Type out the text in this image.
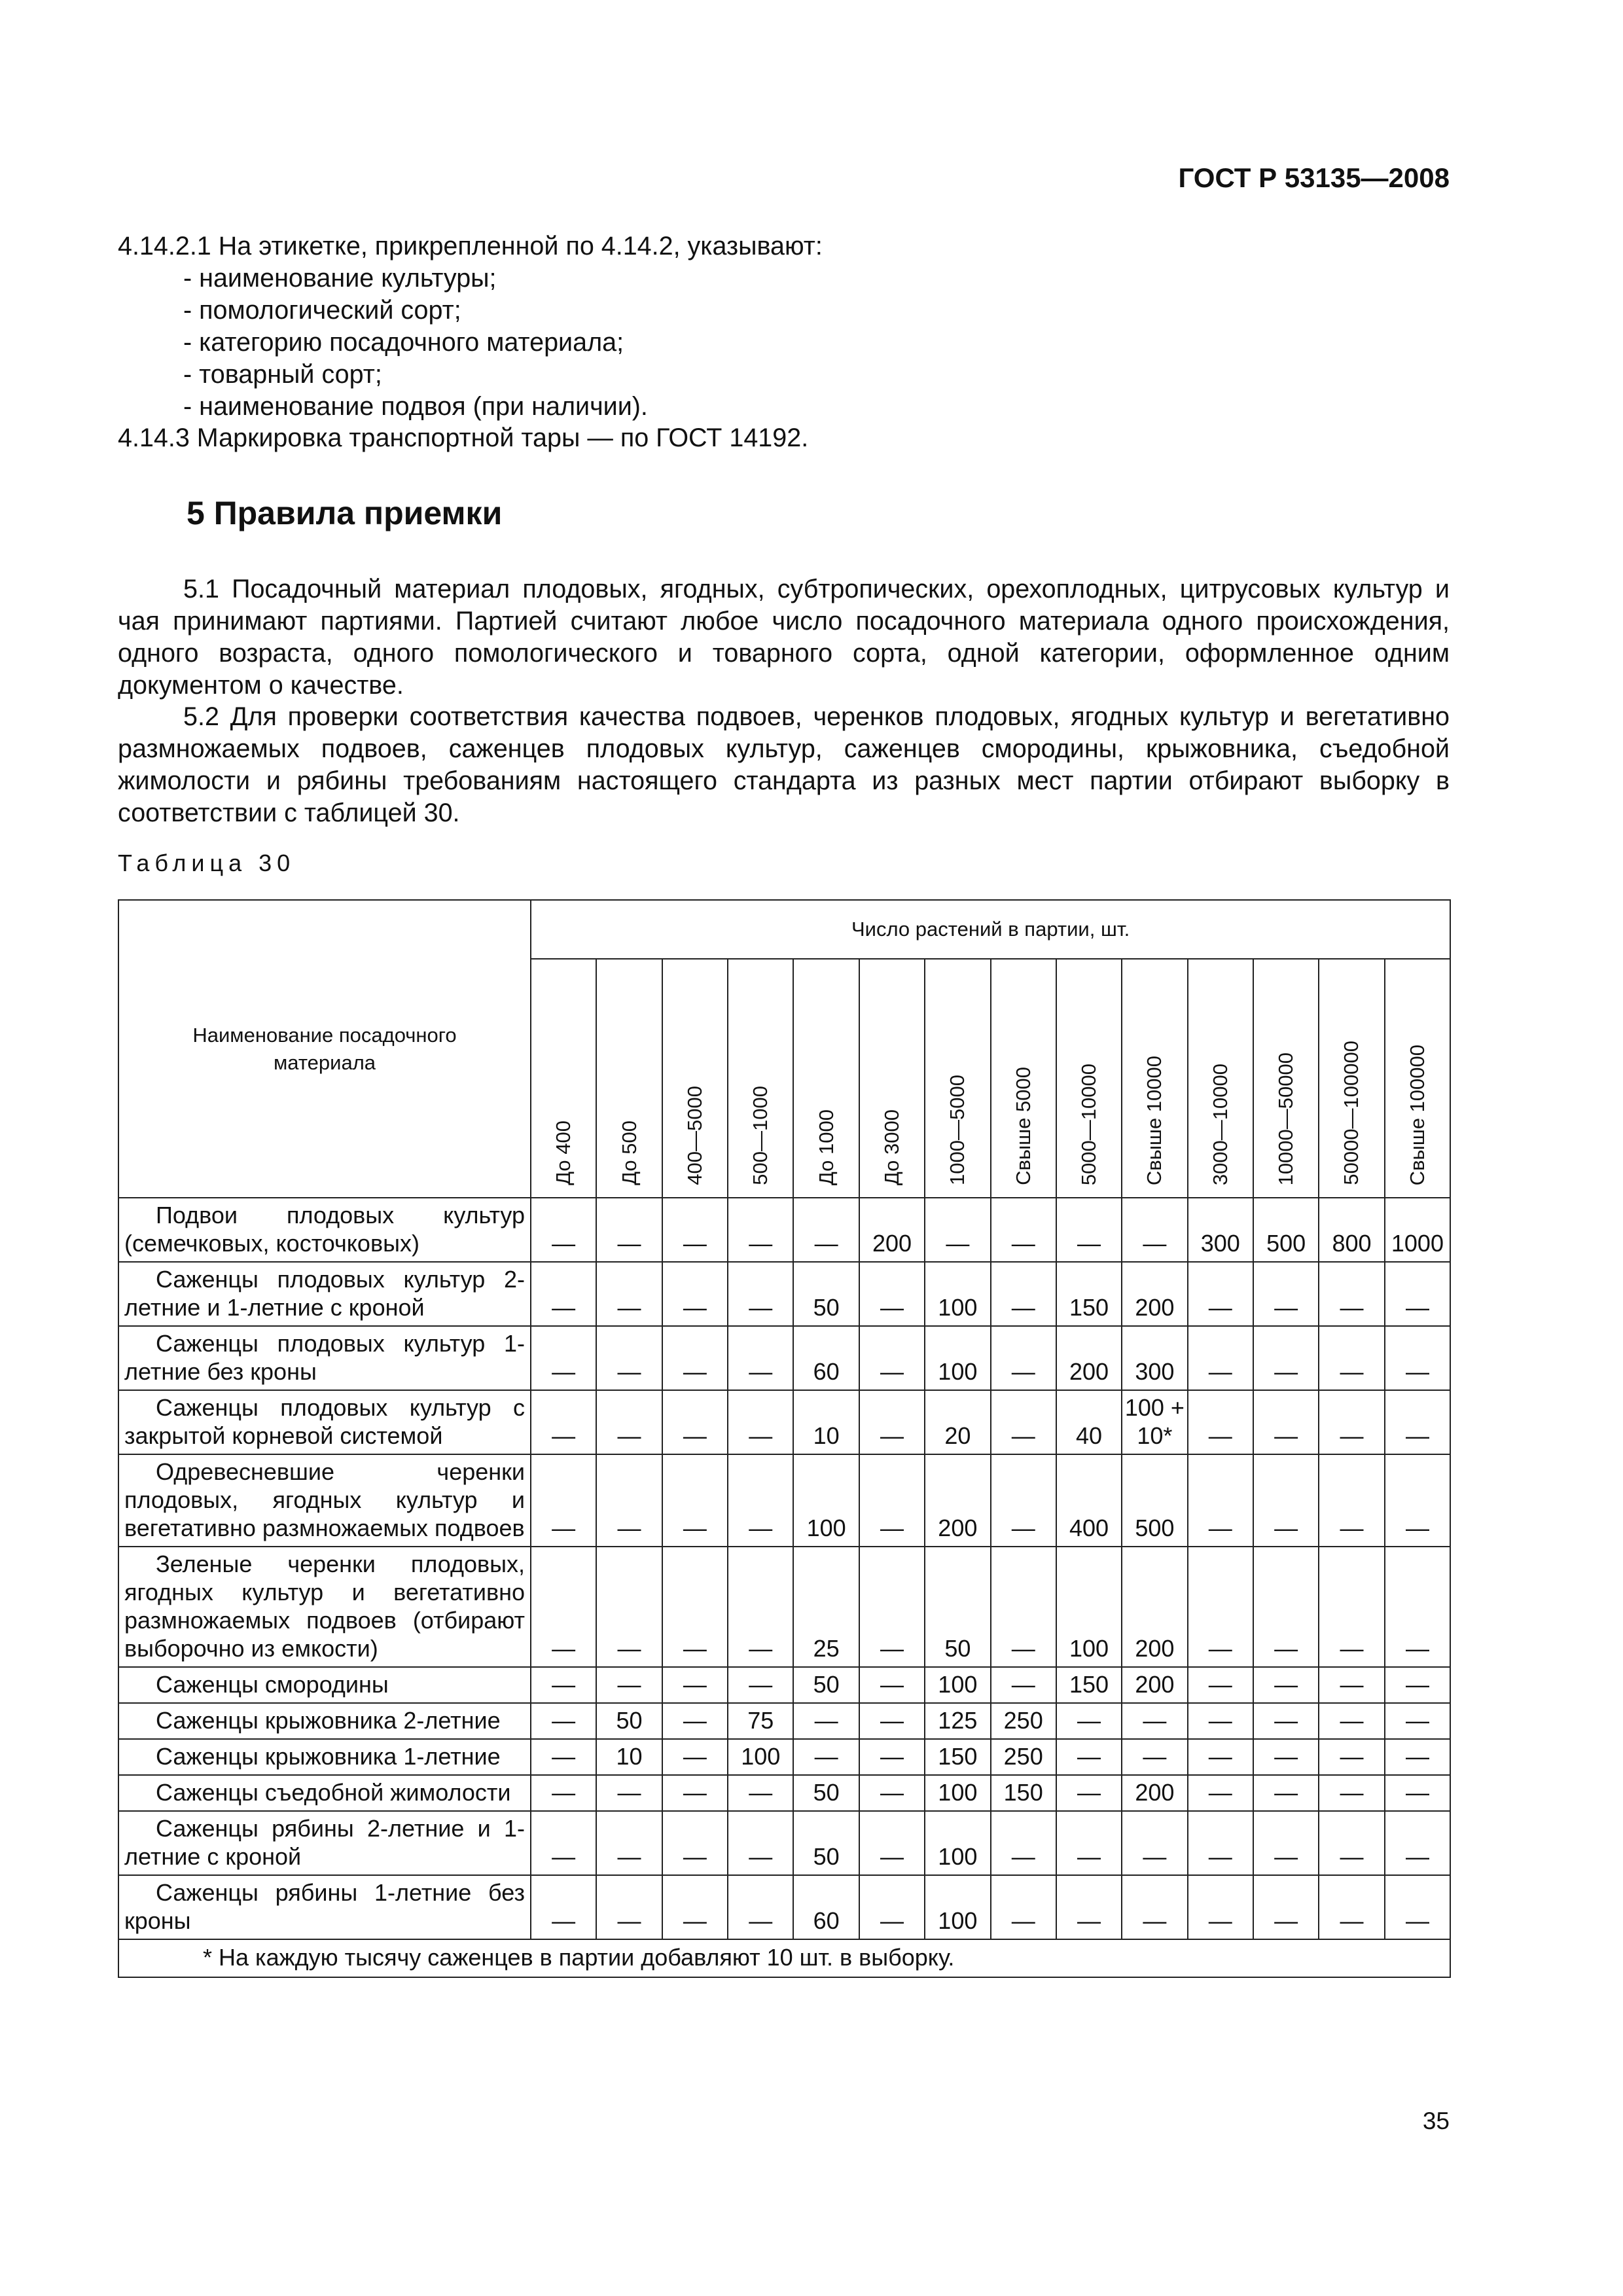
ГОСТ Р 53135—2008

4.14.2.1 На этикетке, прикрепленной по 4.14.2, указывают:

- наименование культуры;

- помологический сорт;

- категорию посадочного материала;

- товарный сорт;

- наименование подвоя (при наличии).

4.14.3 Маркировка транспортной тары — по ГОСТ 14192.

5 Правила приемки

5.1 Посадочный материал плодовых, ягодных, субтропических, орехоплодных, цитрусовых культур и чая принимают партиями. Партией считают любое число посадочного материала одного происхождения, одного возраста, одного помологического и товарного сорта, одной категории, оформленное одним документом о качестве.

5.2 Для проверки соответствия качества подвоев, черенков плодовых, ягодных культур и вегетативно размножаемых подвоев, саженцев плодовых культур, саженцев смородины, крыжовника, съедобной жимолости и рябины требованиям настоящего стандарта из разных мест партии отбирают выборку в соответствии с таблицей 30.

Таблица 30
Наименование посадочного материала	Число растений в партии, шт.													

	До 400	До 500	400—5000	500—1000	До 1000	До 3000	1000—5000	Свыше 5000	5000—10000	Свыше 10000	3000—10000	10000—50000	50000—100000	Свыше 100000

Подвои плодовых культур (семечковых, косточковых)	—	—	—	—	—	200	—	—	—	—	300	500	800	1000

Саженцы плодовых культур 2-летние и 1-летние с кроной	—	—	—	—	50	—	100	—	150	200	—	—	—	—

Саженцы плодовых культур 1-летние без кроны	—	—	—	—	60	—	100	—	200	300	—	—	—	—

Саженцы плодовых культур с закрытой корневой системой	—	—	—	—	10	—	20	—	40	100 + 10*	—	—	—	—

Одревесневшие черенки плодовых, ягодных культур и вегетативно размножаемых подвоев	—	—	—	—	100	—	200	—	400	500	—	—	—	—

Зеленые черенки плодовых, ягодных культур и вегетативно размножаемых подвоев (отбирают выборочно из емкости)	—	—	—	—	25	—	50	—	100	200	—	—	—	—

Саженцы смородины	—	—	—	—	50	—	100	—	150	200	—	—	—	—

Саженцы крыжовника 2-летние	—	50	—	75	—	—	125	250	—	—	—	—	—	—

Саженцы крыжовника 1-летние	—	10	—	100	—	—	150	250	—	—	—	—	—	—

Саженцы съедобной жимолости	—	—	—	—	50	—	100	150	—	200	—	—	—	—

Саженцы рябины 2-летние и 1-летние с кроной	—	—	—	—	50	—	100	—	—	—	—	—	—	—

Саженцы рябины 1-летние без кроны	—	—	—	—	60	—	100	—	—	—	—	—	—	—
* На каждую тысячу саженцев в партии добавляют 10 шт. в выборку.														
35
